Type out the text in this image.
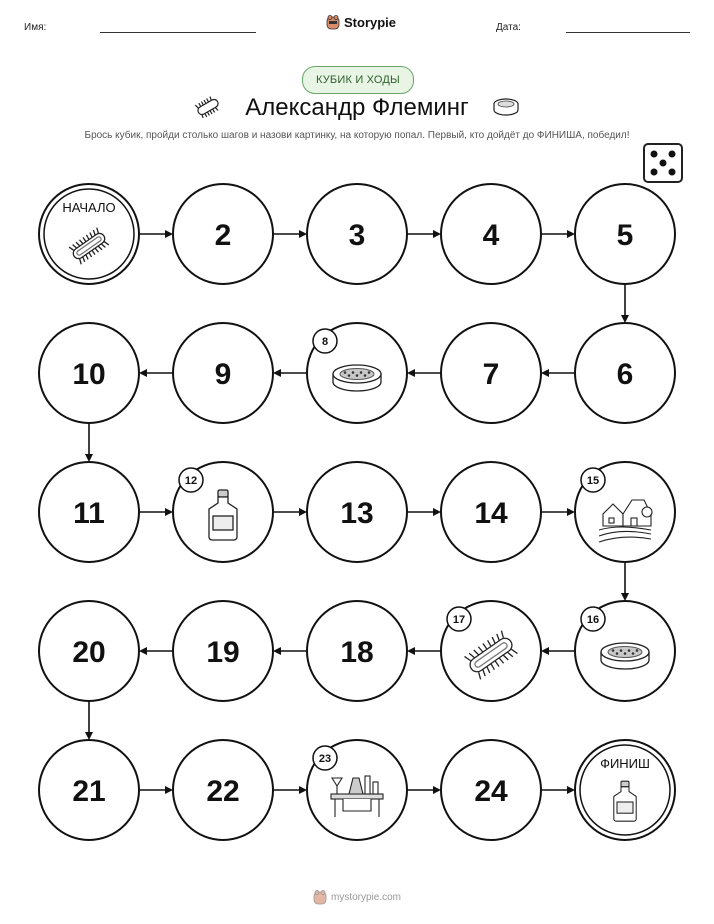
Имя:	Storypie	Дата:
КУБИК И ХОДЫ
Александр Флеминг
Брось кубик, пройди столько шагов и назови картинку, на которую попал. Первый, кто дойдёт до ФИНИША, победил!
НАЧАЛО
2	3	4	5
6
7
8
9
10
11
12
13	14
15
16
17
18
19
20
21	22
23
24
ФИНИШ
mystorypie.com
